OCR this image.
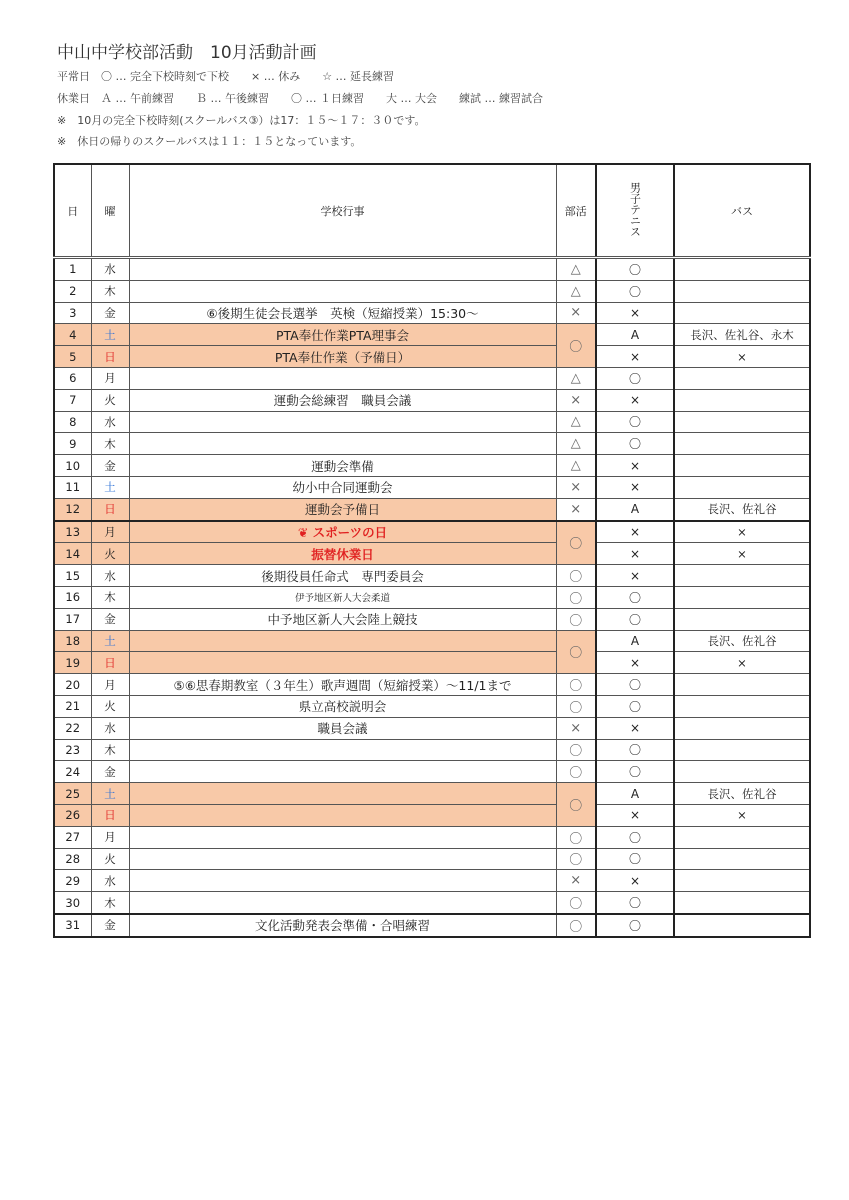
中山中学校部活動　10月活動計画
平常日　〇 … 完全下校時刻で下校　　× … 休み　　☆ … 延長練習
休業日　Ａ … 午前練習　　Ｂ … 午後練習　　〇 … １日練習　　大 … 大会　　練試 … 練習試合
※　10月の完全下校時刻(スクールバス③）は17：１５～１７：３０です。
※　休日の帰りのスクールバスは１１：１５となっています。
日	曜	学校行事	部活	男子テニス	バス
1	水		△	〇	
2	木		△	〇	
3	金	⑥後期生徒会長選挙　英検（短縮授業）15:30～	×	×	
4	土	PTA奉仕作業PTA理事会	〇	A	長沢、佐礼谷、永木
5	日	PTA奉仕作業（予備日）		×	×
6	月		△	〇	
7	火	運動会総練習　職員会議	×	×	
8	水		△	〇	
9	木		△	〇	
10	金	運動会準備	△	×	
11	土	幼小中合同運動会	×	×	
12	日	運動会予備日	×	A	長沢、佐礼谷
13	月	❦ スポーツの日	〇	×	×
14	火	振替休業日		×	×
15	水	後期役員任命式　専門委員会	〇	×	
16	木	伊予地区新人大会柔道	〇	〇	
17	金	中予地区新人大会陸上競技	〇	〇	
18	土		〇	A	長沢、佐礼谷
19	日			×	×
20	月	⑤⑥思春期教室（３年生）歌声週間（短縮授業）～11/1まで	〇	〇	
21	火	県立高校説明会	〇	〇	
22	水	職員会議	×	×	
23	木		〇	〇	
24	金		〇	〇	
25	土		〇	A	長沢、佐礼谷
26	日			×	×
27	月		〇	〇	
28	火		〇	〇	
29	水		×	×	
30	木		〇	〇	
31	金	文化活動発表会準備・合唱練習	〇	〇	
